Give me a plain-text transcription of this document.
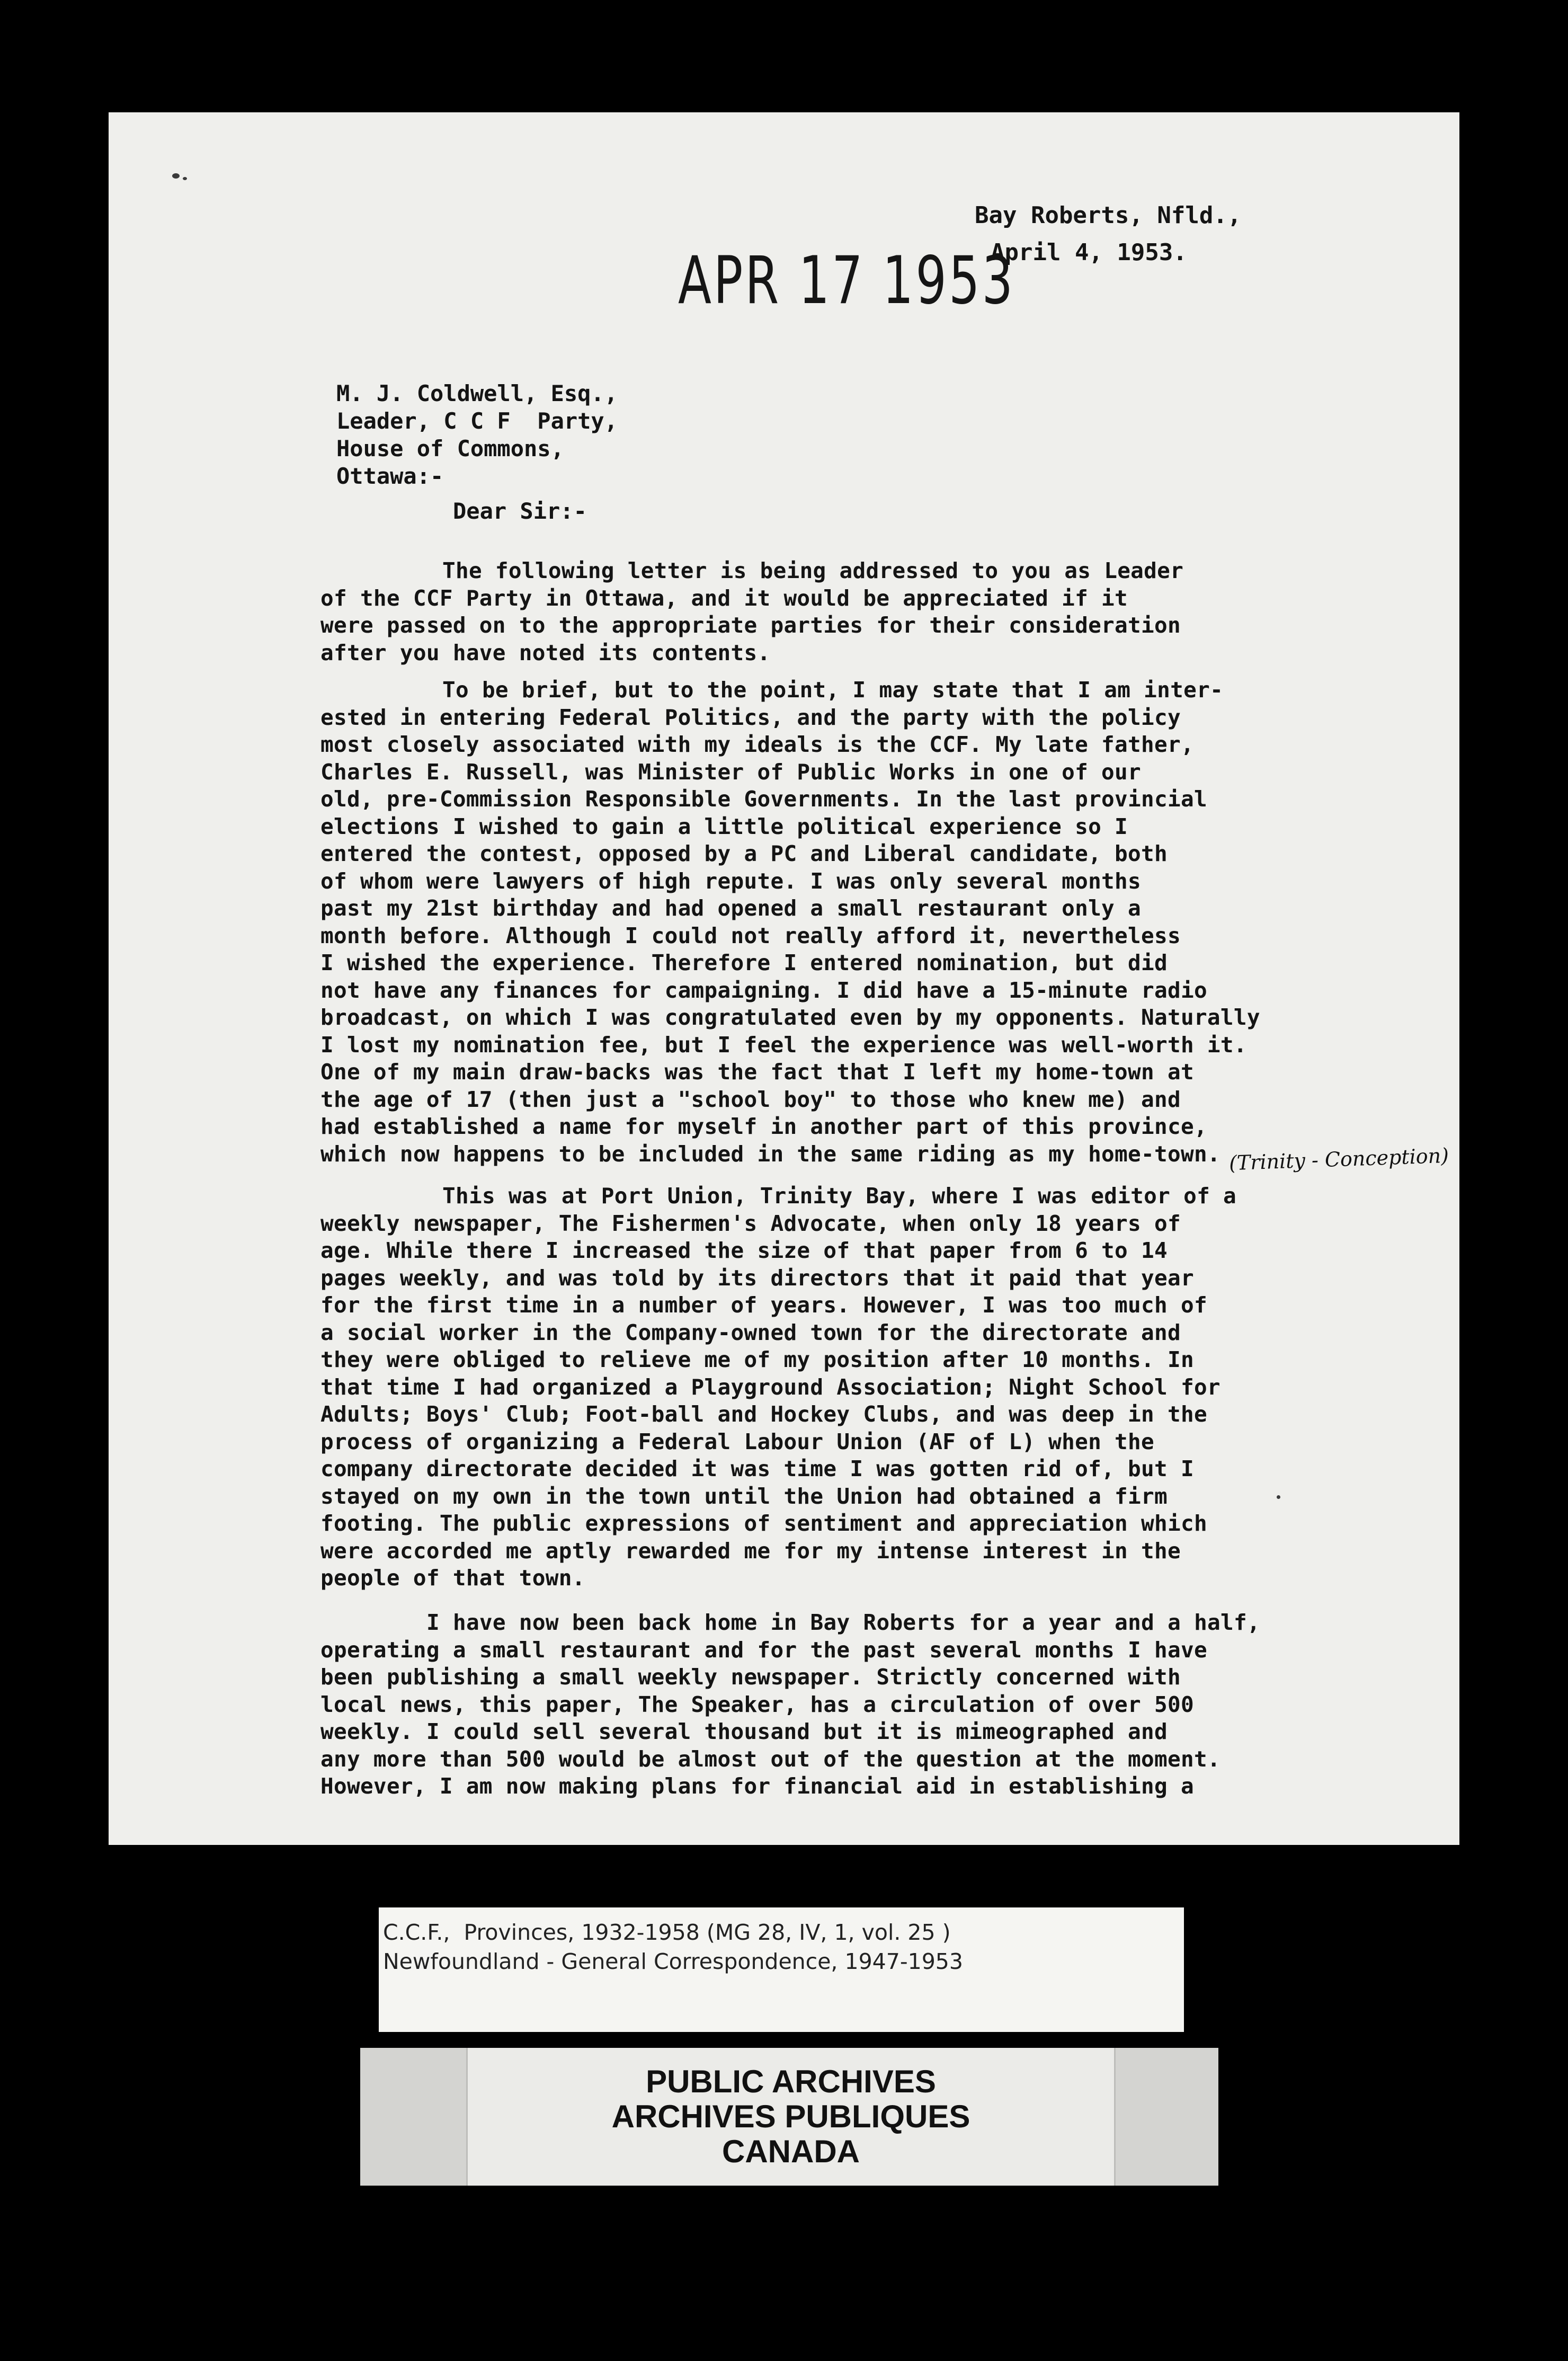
APR 17 1953
Bay Roberts, Nfld.,
April 4, 1953.
M. J. Coldwell, Esq.,
Leader, C C F  Party,
House of Commons,
Ottawa:-
Dear Sir:-

The following letter is being addressed to you as Leader
of the CCF Party in Ottawa, and it would be appreciated if it
were passed on to the appropriate parties for their consideration
after you have noted its contents.

To be brief, but to the point, I may state that I am inter-
ested in entering Federal Politics, and the party with the policy
most closely associated with my ideals is the CCF. My late father,
Charles E. Russell, was Minister of Public Works in one of our
old, pre-Commission Responsible Governments. In the last provincial
elections I wished to gain a little political experience so I
entered the contest, opposed by a PC and Liberal candidate, both
of whom were lawyers of high repute. I was only several months
past my 21st birthday and had opened a small restaurant only a
month before. Although I could not really afford it, nevertheless
I wished the experience. Therefore I entered nomination, but did
not have any finances for campaigning. I did have a 15-minute radio
broadcast, on which I was congratulated even by my opponents. Naturally
I lost my nomination fee, but I feel the experience was well-worth it.
One of my main draw-backs was the fact that I left my home-town at
the age of 17 (then just a "school boy" to those who knew me) and
had established a name for myself in another part of this province,
which now happens to be included in the same riding as my home-town. (Trinity - Conception)

This was at Port Union, Trinity Bay, where I was editor of a
weekly newspaper, The Fishermen's Advocate, when only 18 years of
age. While there I increased the size of that paper from 6 to 14
pages weekly, and was told by its directors that it paid that year
for the first time in a number of years. However, I was too much of
a social worker in the Company-owned town for the directorate and
they were obliged to relieve me of my position after 10 months. In
that time I had organized a Playground Association; Night School for
Adults; Boys' Club; Foot-ball and Hockey Clubs, and was deep in the
process of organizing a Federal Labour Union (AF of L) when the
company directorate decided it was time I was gotten rid of, but I
stayed on my own in the town until the Union had obtained a firm
footing. The public expressions of sentiment and appreciation which
were accorded me aptly rewarded me for my intense interest in the
people of that town.

I have now been back home in Bay Roberts for a year and a half,
operating a small restaurant and for the past several months I have
been publishing a small weekly newspaper. Strictly concerned with
local news, this paper, The Speaker, has a circulation of over 500
weekly. I could sell several thousand but it is mimeographed and
any more than 500 would be almost out of the question at the moment.
However, I am now making plans for financial aid in establishing a

C.C.F.,  Provinces, 1932-1958 (MG 28, IV, 1, vol. 25 )
Newfoundland - General Correspondence, 1947-1953
PUBLIC ARCHIVES
ARCHIVES PUBLIQUES
CANADA
